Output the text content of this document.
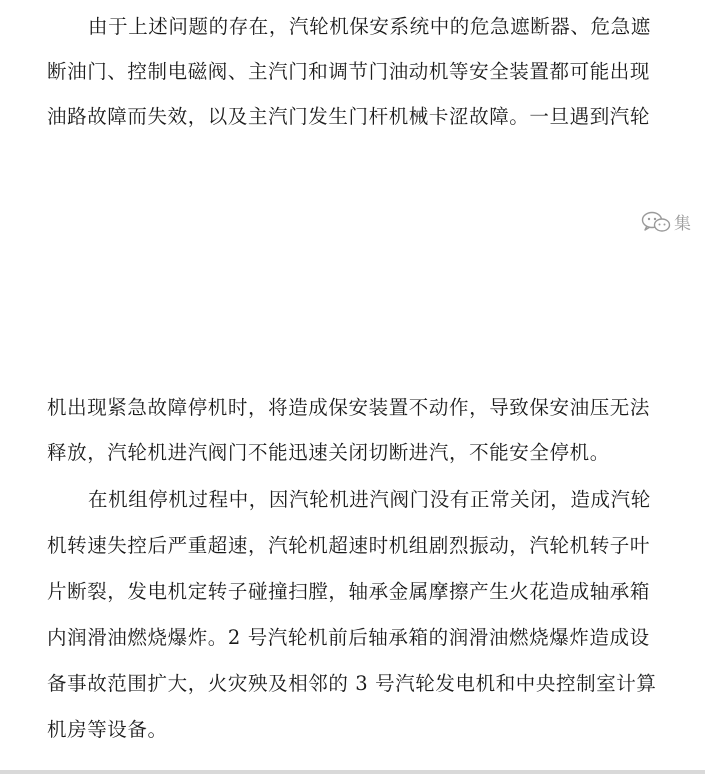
由于上述问题的存在，汽轮机保安系统中的危急遮断器、危急遮

断油门、控制电磁阀、主汽门和调节门油动机等安全装置都可能出现

油路故障而失效，以及主汽门发生门杆机械卡涩故障。一旦遇到汽轮

集

机出现紧急故障停机时，将造成保安装置不动作，导致保安油压无法

释放，汽轮机进汽阀门不能迅速关闭切断进汽，不能安全停机。

在机组停机过程中，因汽轮机进汽阀门没有正常关闭，造成汽轮

机转速失控后严重超速，汽轮机超速时机组剧烈振动，汽轮机转子叶

片断裂，发电机定转子碰撞扫膛，轴承金属摩擦产生火花造成轴承箱

内润滑油燃烧爆炸。2 号汽轮机前后轴承箱的润滑油燃烧爆炸造成设

备事故范围扩大，火灾殃及相邻的 3 号汽轮发电机和中央控制室计算

机房等设备。
